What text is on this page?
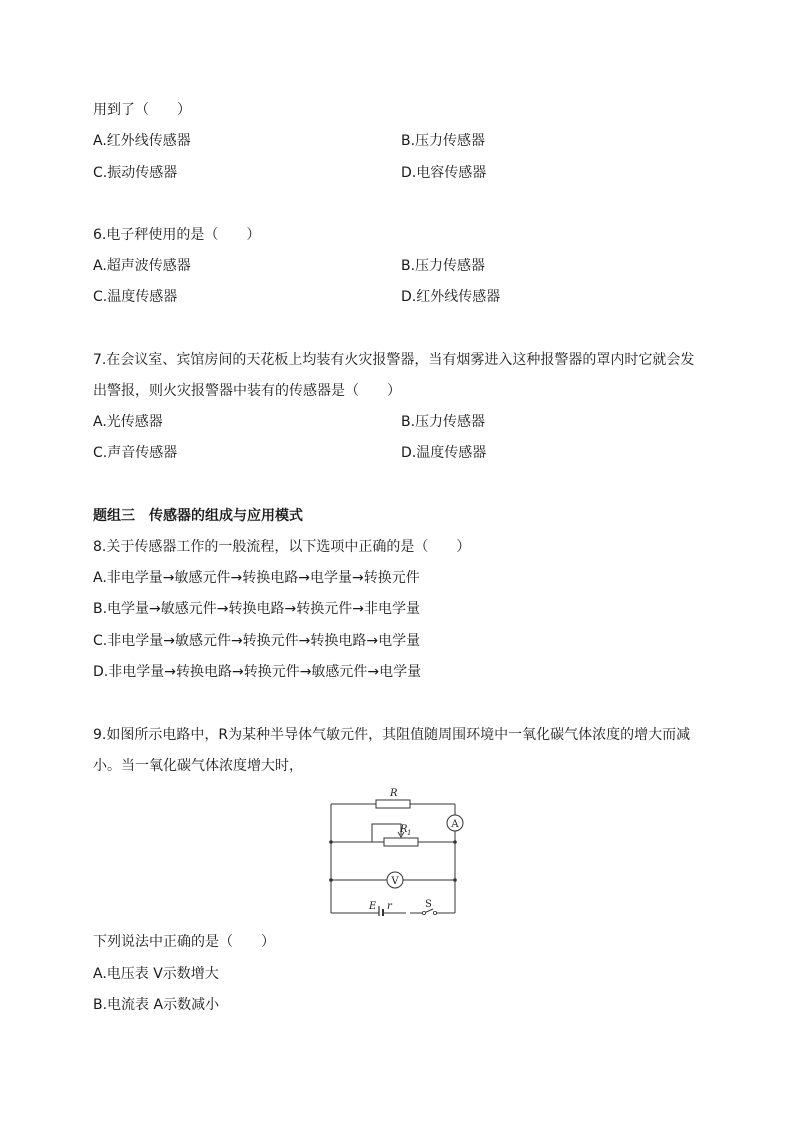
用到了（　　）
A.红外线传感器	B.压力传感器
C.振动传感器	D.电容传感器
6.电子秤使用的是（　　）
A.超声波传感器	B.压力传感器
C.温度传感器	D.红外线传感器
7.在会议室、宾馆房间的天花板上均装有火灾报警器，当有烟雾进入这种报警器的罩内时它就会发
出警报，则火灾报警器中装有的传感器是（　　）
A.光传感器	B.压力传感器
C.声音传感器	D.温度传感器
题组三　传感器的组成与应用模式
8.关于传感器工作的一般流程，以下选项中正确的是（　　）
A.非电学量→敏感元件→转换电路→电学量→转换元件
B.电学量→敏感元件→转换电路→转换元件→非电学量
C.非电学量→敏感元件→转换元件→转换电路→电学量
D.非电学量→转换电路→转换元件→敏感元件→电学量
9.如图所示电路中，R为某种半导体气敏元件，其阻值随周围环境中一氧化碳气体浓度的增大而减
小。当一氧化碳气体浓度增大时，
A
V
R
R 1
E r	S
下列说法中正确的是（　　）
A.电压表 V示数增大
B.电流表 A示数减小
